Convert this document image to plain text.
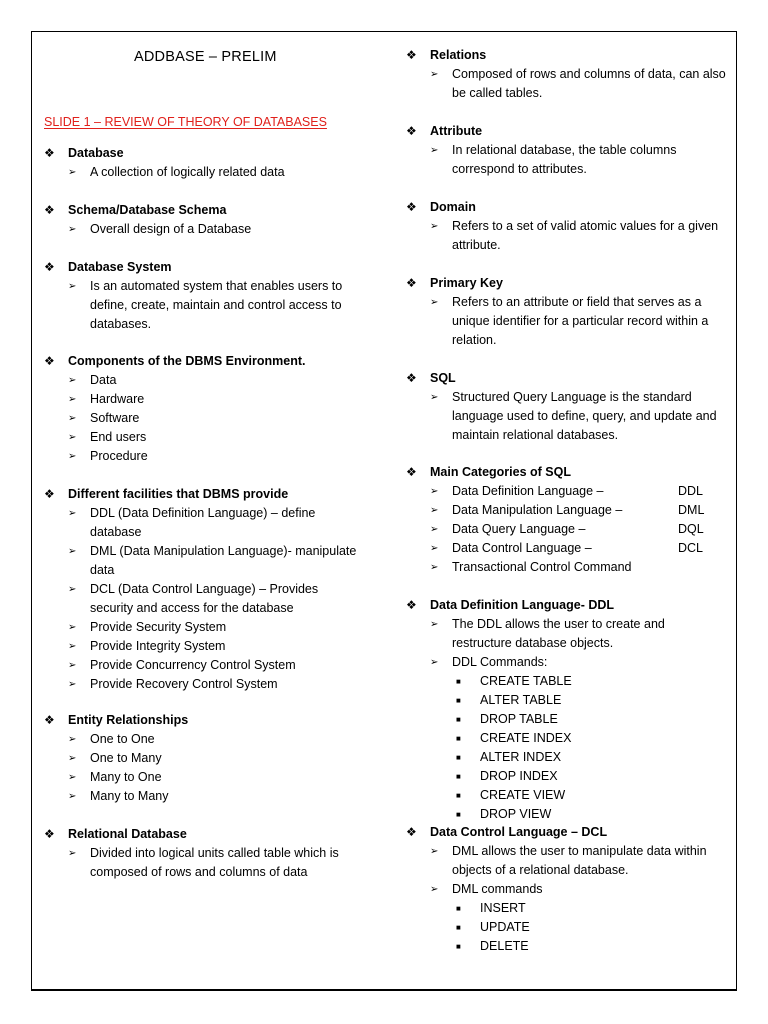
ADDBASE – PRELIM
SLIDE 1 – REVIEW OF THEORY OF DATABASES
❖	Database
➢	A collection of logically related data
❖	Schema/Database Schema
➢	Overall design of a Database
❖	Database System
➢	Is an automated system that enables users to define, create, maintain and control access to databases.
❖	Components of the DBMS Environment.
➢	Data
➢	Hardware
➢	Software
➢	End users
➢	Procedure
❖	Different facilities that DBMS provide
➢	DDL (Data Definition Language) – define database
➢	DML (Data Manipulation Language)- manipulate data
➢	DCL (Data Control Language) – Provides security and access for the database
➢	Provide Security System
➢	Provide Integrity System
➢	Provide Concurrency Control System
➢	Provide Recovery Control System
❖	Entity Relationships
➢	One to One
➢	One to Many
➢	Many to One
➢	Many to Many
❖	Relational Database
➢	Divided into logical units called table which is composed of rows and columns of data
❖	Relations
➢	Composed of rows and columns of data, can also be called tables.
❖	Attribute
➢	In relational database, the table columns correspond to attributes.
❖	Domain
➢	Refers to a set of valid atomic values for a given attribute.
❖	Primary Key
➢	Refers to an attribute or field that serves as a unique identifier for a particular record within a relation.
❖	SQL
➢	Structured Query Language is the standard language used to define, query, and update and maintain relational databases.
❖	Main Categories of SQL
➢	Data Definition Language –	DDL
➢	Data Manipulation Language –	DML
➢	Data Query Language –	DQL
➢	Data Control Language –	DCL
➢	Transactional Control Command
❖	Data Definition Language- DDL
➢	The DDL allows the user to create and restructure database objects.
➢	DDL Commands:
■	CREATE TABLE
■	ALTER TABLE
■	DROP TABLE
■	CREATE INDEX
■	ALTER INDEX
■	DROP INDEX
■	CREATE VIEW
■	DROP VIEW
❖	Data Control Language – DCL
➢	DML allows the user to manipulate data within objects of a relational database.
➢	DML commands
■	INSERT
■	UPDATE
■	DELETE
